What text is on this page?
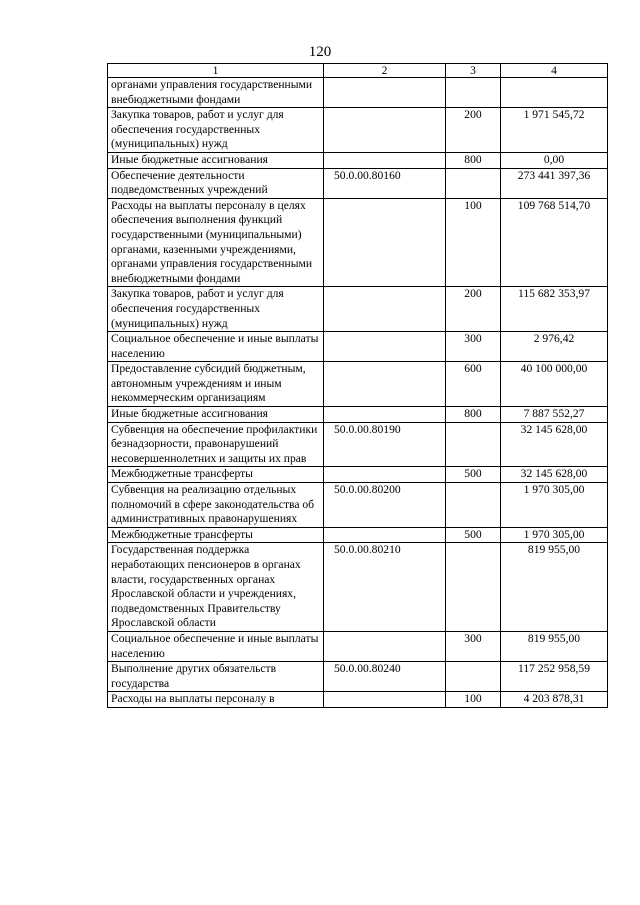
120
1	2	3	4
органами управления государственными внебюджетными фондами			
Закупка товаров, работ и услуг для обеспечения государственных (муниципальных) нужд		200	1 971 545,72
Иные бюджетные ассигнования		800	0,00
Обеспечение деятельности подведомственных учреждений	50.0.00.80160		273 441 397,36
Расходы на выплаты персоналу в целях обеспечения выполнения функций государственными (муниципальными) органами, казенными учреждениями, органами управления государственными внебюджетными фондами		100	109 768 514,70
Закупка товаров, работ и услуг для обеспечения государственных (муниципальных) нужд		200	115 682 353,97
Социальное обеспечение и иные выплаты населению		300	2 976,42
Предоставление субсидий бюджетным, автономным учреждениям и иным некоммерческим организациям		600	40 100 000,00
Иные бюджетные ассигнования		800	7 887 552,27
Субвенция на обеспечение профилактики безнадзорности, правонарушений несовершеннолетних и защиты их прав	50.0.00.80190		32 145 628,00
Межбюджетные трансферты		500	32 145 628,00
Субвенция на реализацию отдельных полномочий в сфере законодательства об административных правонарушениях	50.0.00.80200		1 970 305,00
Межбюджетные трансферты		500	1 970 305,00
Государственная поддержка неработающих пенсионеров в органах власти, государственных органах Ярославской области и учреждениях, подведомственных Правительству Ярославской области	50.0.00.80210		819 955,00
Социальное обеспечение и иные выплаты населению		300	819 955,00
Выполнение других обязательств государства	50.0.00.80240		117 252 958,59
Расходы на выплаты персоналу в		100	4 203 878,31
